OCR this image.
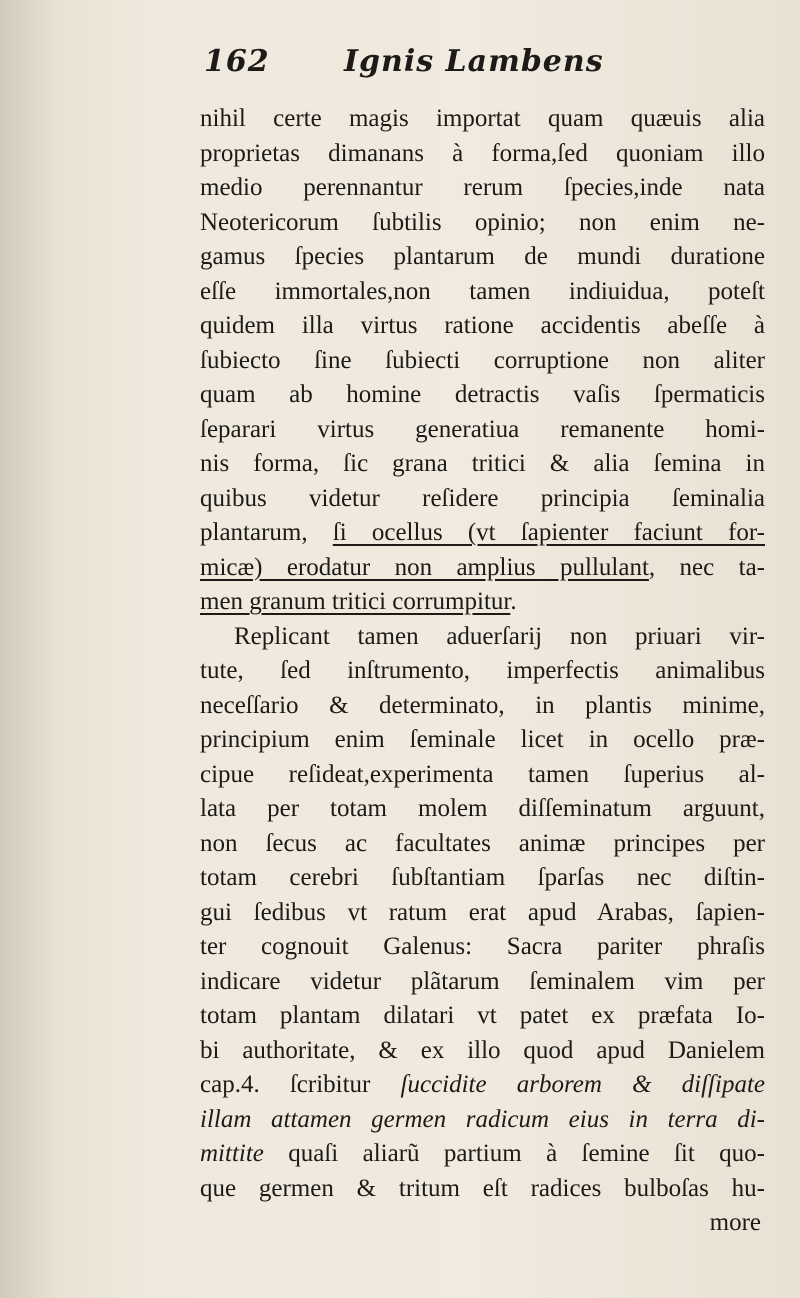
162 Ignis Lambens
nihil certe magis importat quam quæuis alia
proprietas dimanans à forma,ſed quoniam illo
medio perennantur rerum ſpecies,inde nata
Neotericorum ſubtilis opinio; non enim ne-
gamus ſpecies plantarum de mundi duratione
eſſe immortales,non tamen indiuidua, poteſt
quidem illa virtus ratione accidentis abeſſe à
ſubiecto ſine ſubiecti corruptione non aliter
quam ab homine detractis vaſis ſpermaticis
ſeparari virtus generatiua remanente homi-
nis forma, ſic grana tritici & alia ſemina in
quibus videtur reſidere principia ſeminalia
plantarum, ſi ocellus (vt ſapienter faciunt for-
micæ) erodatur non amplius pullulant, nec ta-
men granum tritici corrumpitur.
Replicant tamen aduerſarij non priuari vir-
tute, ſed inſtrumento, imperfectis animalibus
neceſſario & determinato, in plantis minime,
principium enim ſeminale licet in ocello præ-
cipue reſideat,experimenta tamen ſuperius al-
lata per totam molem diſſeminatum arguunt,
non ſecus ac facultates animæ principes per
totam cerebri ſubſtantiam ſparſas nec diſtin-
gui ſedibus vt ratum erat apud Arabas, ſapien-
ter cognouit Galenus: Sacra pariter phraſis
indicare videtur plãtarum ſeminalem vim per
totam plantam dilatari vt patet ex præfata Io-
bi authoritate, & ex illo quod apud Danielem
cap.4. ſcribitur ſuccidite arborem & diſſipate
illam attamen germen radicum eius in terra di-
mittite quaſi aliarũ partium à ſemine ſit quo-
que germen & tritum eſt radices bulboſas hu-
more
